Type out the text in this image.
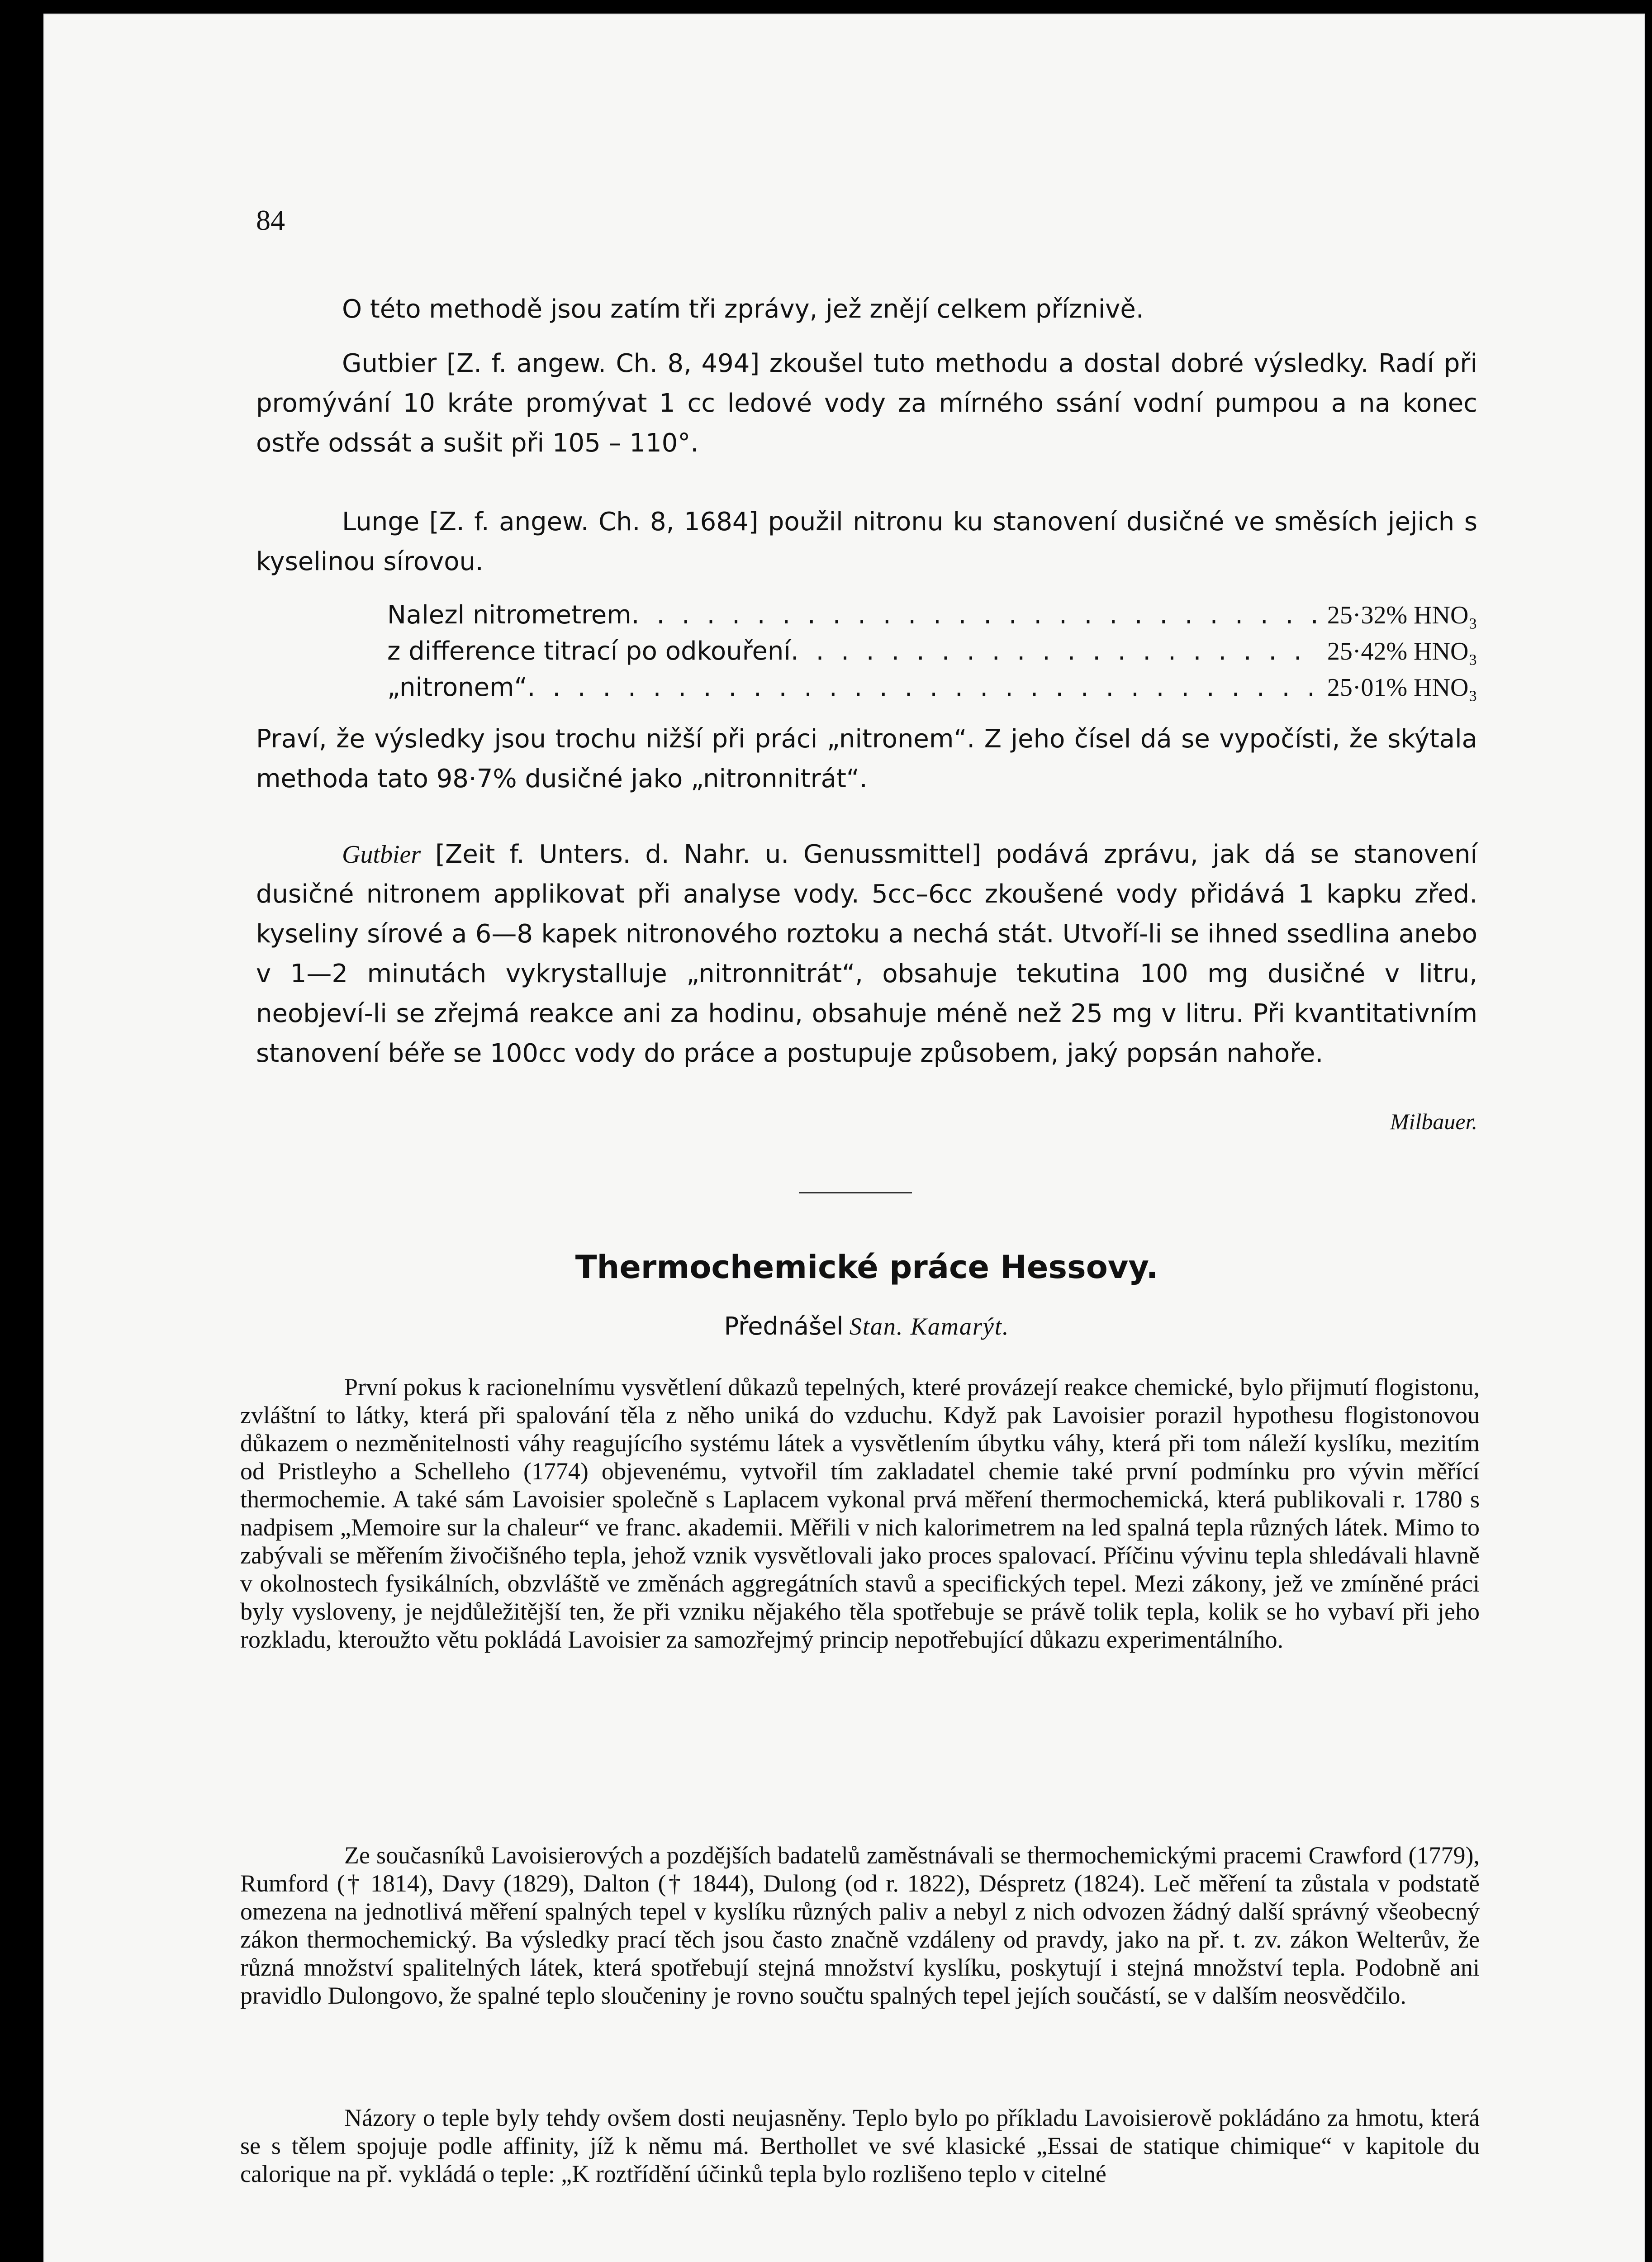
84

O této methodě jsou zatím tři zprávy, jež znějí celkem příznivě.

Gutbier [Z. f. angew. Ch. 8, 494] zkoušel tuto methodu a dostal dobré výsledky. Radí při promývání 10 kráte promývat 1 cc ledové vody za mírného ssání vodní pumpou a na konec ostře odssát a sušit při 105 – 110°.

Lunge [Z. f. angew. Ch. 8, 1684] použil nitronu ku stanovení dusičné ve směsích jejich s kyselinou sírovou.

Nalezl nitrometrem . . .	25·32% HNO₃
z difference titrací po odkouření . . .	25·42% HNO₃
„nitronem“ . . .	25·01% HNO₃

Praví, že výsledky jsou trochu nižší při práci „nitronem“. Z jeho čísel dá se vypočísti, že skýtala methoda tato 98·7% dusičné jako „nitronnitrát“.

Gutbier [Zeit f. Unters. d. Nahr. u. Genussmittel] podává zprávu, jak dá se stanovení dusičné nitronem applikovat při analyse vody. 5cc–6cc zkoušené vody přidává 1 kapku zřed. kyseliny sírové a 6—8 kapek nitronového roztoku a nechá stát. Utvoří-li se ihned ssedlina anebo v 1—2 minutách vykrystalluje „nitronnitrát“, obsahuje tekutina 100 mg dusičné v litru, neobjeví-li se zřejmá reakce ani za hodinu, obsahuje méně než 25 mg v litru. Při kvantitativním stanovení béře se 100cc vody do práce a postupuje způsobem, jaký popsán nahoře.

Milbauer.
Thermochemické práce Hessovy.
Přednášel Stan. Kamarýt.

První pokus k racionelnímu vysvětlení důkazů tepelných, které provázejí reakce chemické, bylo přijmutí flogistonu, zvláštní to látky, která při spalování těla z něho uniká do vzduchu. Když pak Lavoisier porazil hypothesu flogistonovou důkazem o nezměnitelnosti váhy reagujícího systému látek a vysvětlením úbytku váhy, která při tom náleží kyslíku, mezitím od Pristleyho a Schelleho (1774) objevenému, vytvořil tím zakladatel chemie také první podmínku pro vývin měřící thermochemie. A také sám Lavoisier společně s Laplacem vykonal prvá měření thermochemická, která publikovali r. 1780 s nadpisem „Memoire sur la chaleur“ ve franc. akademii. Měřili v nich kalorimetrem na led spalná tepla různých látek. Mimo to zabývali se měřením živočišného tepla, jehož vznik vysvětlovali jako proces spalovací. Příčinu vývinu tepla shledávali hlavně v okolnostech fysikálních, obzvláště ve změnách aggregátních stavů a specifických tepel. Mezi zákony, jež ve zmíněné práci byly vysloveny, je nejdůležitější ten, že při vzniku nějakého těla spotřebuje se právě tolik tepla, kolik se ho vybaví při jeho rozkladu, kteroužto větu pokládá Lavoisier za samozřejmý princip nepotřebující důkazu experimentálního.

Ze současníků Lavoisierových a pozdějších badatelů zaměstnávali se thermochemickými pracemi Crawford (1779), Rumford († 1814), Davy (1829), Dalton († 1844), Dulong (od r. 1822), Déspretz (1824). Leč měření ta zůstala v podstatě omezena na jednotlivá měření spalných tepel v kyslíku různých paliv a nebyl z nich odvozen žádný další správný všeobecný zákon thermochemický. Ba výsledky prací těch jsou často značně vzdáleny od pravdy, jako na př. t. zv. zákon Welterův, že různá množství spalitelných látek, která spotřebují stejná množství kyslíku, poskytují i stejná množství tepla. Podobně ani pravidlo Dulongovo, že spalné teplo sloučeniny je rovno součtu spalných tepel jejích součástí, se v dalším neosvědčilo.

Názory o teple byly tehdy ovšem dosti neujasněny. Teplo bylo po příkladu Lavoisierově pokládáno za hmotu, která se s tělem spojuje podle affinity, jíž k němu má. Berthollet ve své klasické „Essai de statique chimique“ v kapitole du calorique na př. vykládá o teple: „K roztřídění účinků tepla bylo rozlišeno teplo v citelné
